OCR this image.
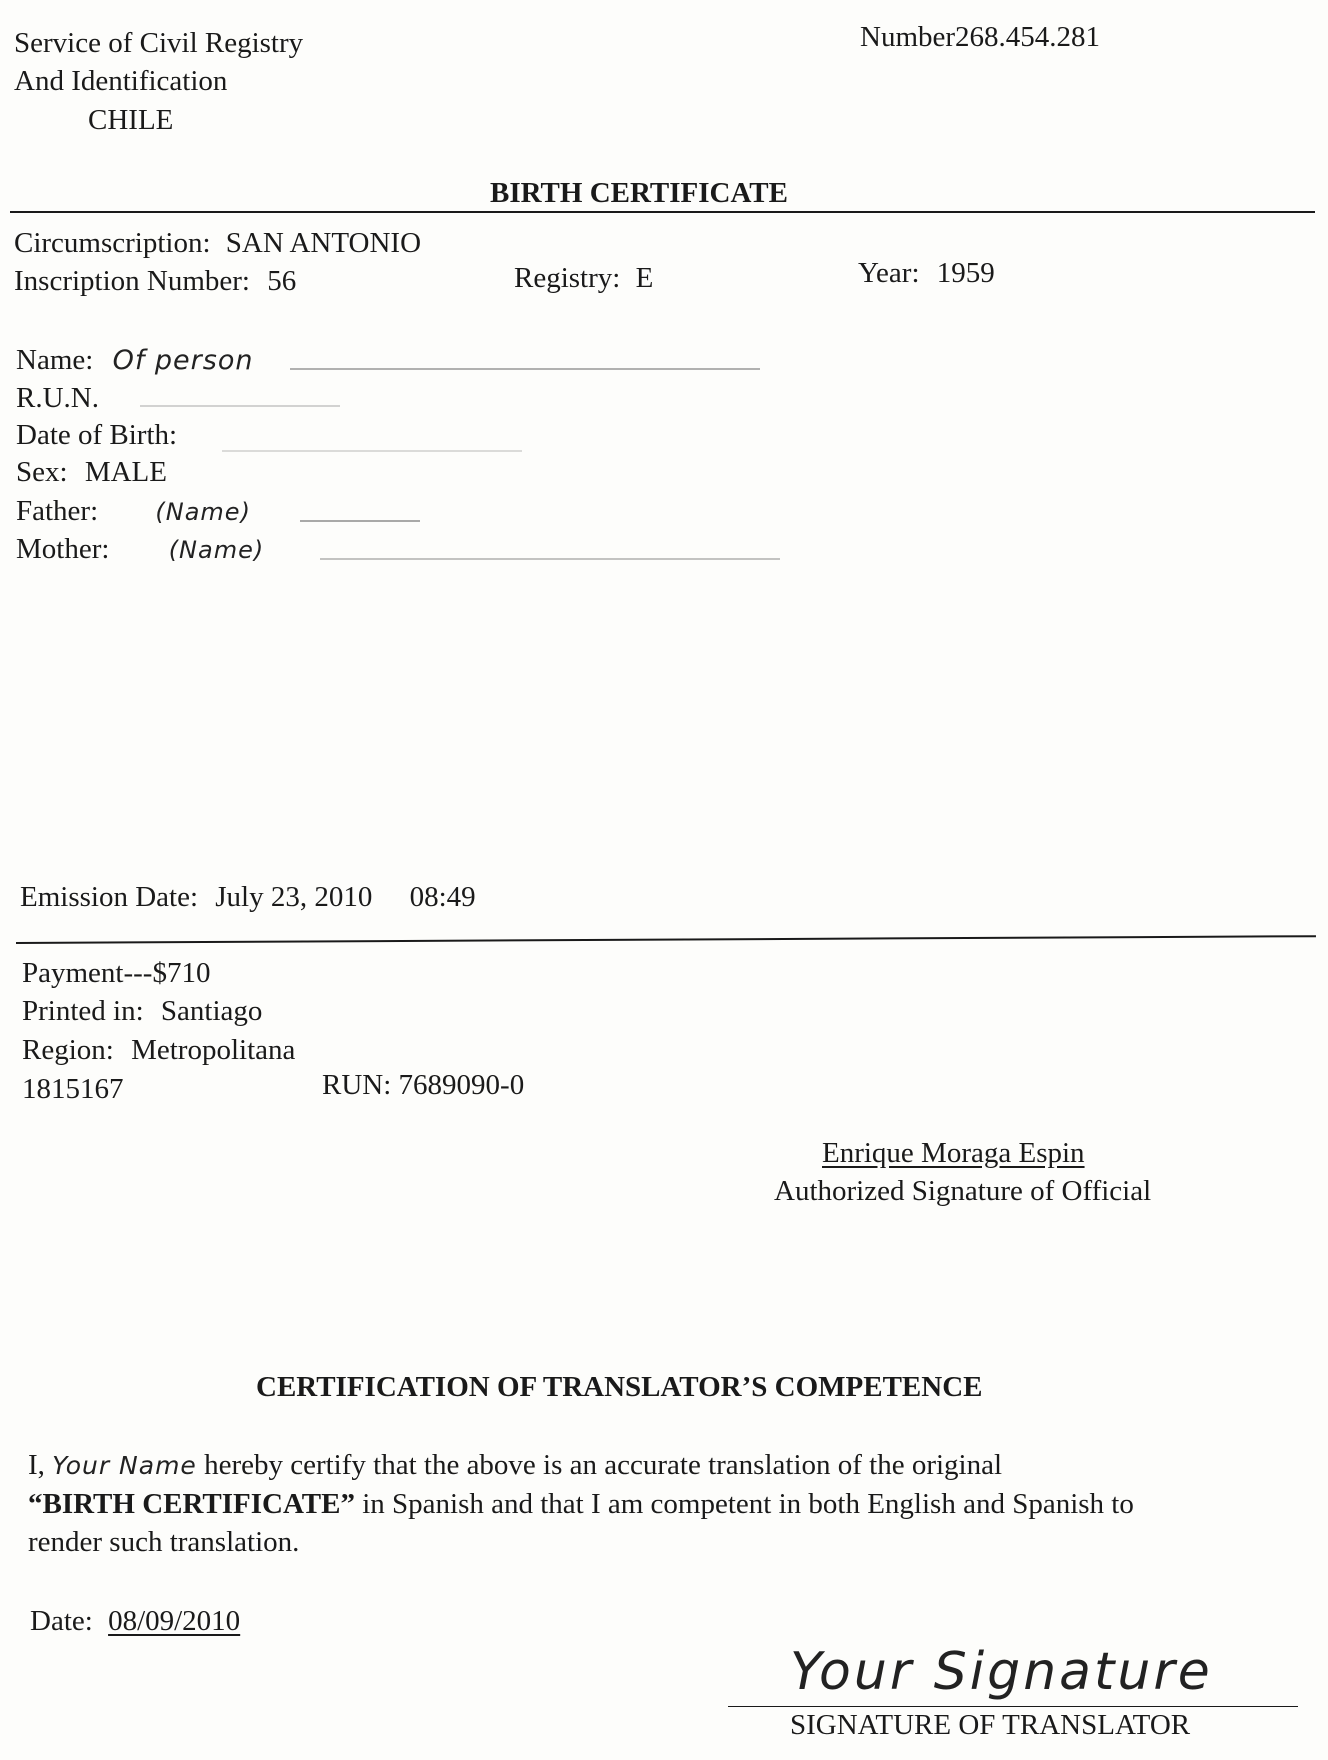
Service of Civil Registry
And Identification
CHILE
Number268.454.281
BIRTH CERTIFICATE
Circumscription: SAN ANTONIO
Inscription Number: 56	Registry: E	Year: 1959
Name: Of person
R.U.N.
Date of Birth:
Sex: MALE
Father: (Name)
Mother: (Name)
Emission Date: July 23, 2010 08:49
Payment---$710
Printed in: Santiago
Region: Metropolitana
1815167	RUN: 7689090-0
Enrique Moraga Espin
Authorized Signature of Official
CERTIFICATION OF TRANSLATOR’S COMPETENCE
I, Your Name hereby certify that the above is an accurate translation of the original
“BIRTH CERTIFICATE” in Spanish and that I am competent in both English and Spanish to
render such translation.
Date: 08/09/2010
Your Signature
SIGNATURE OF TRANSLATOR
